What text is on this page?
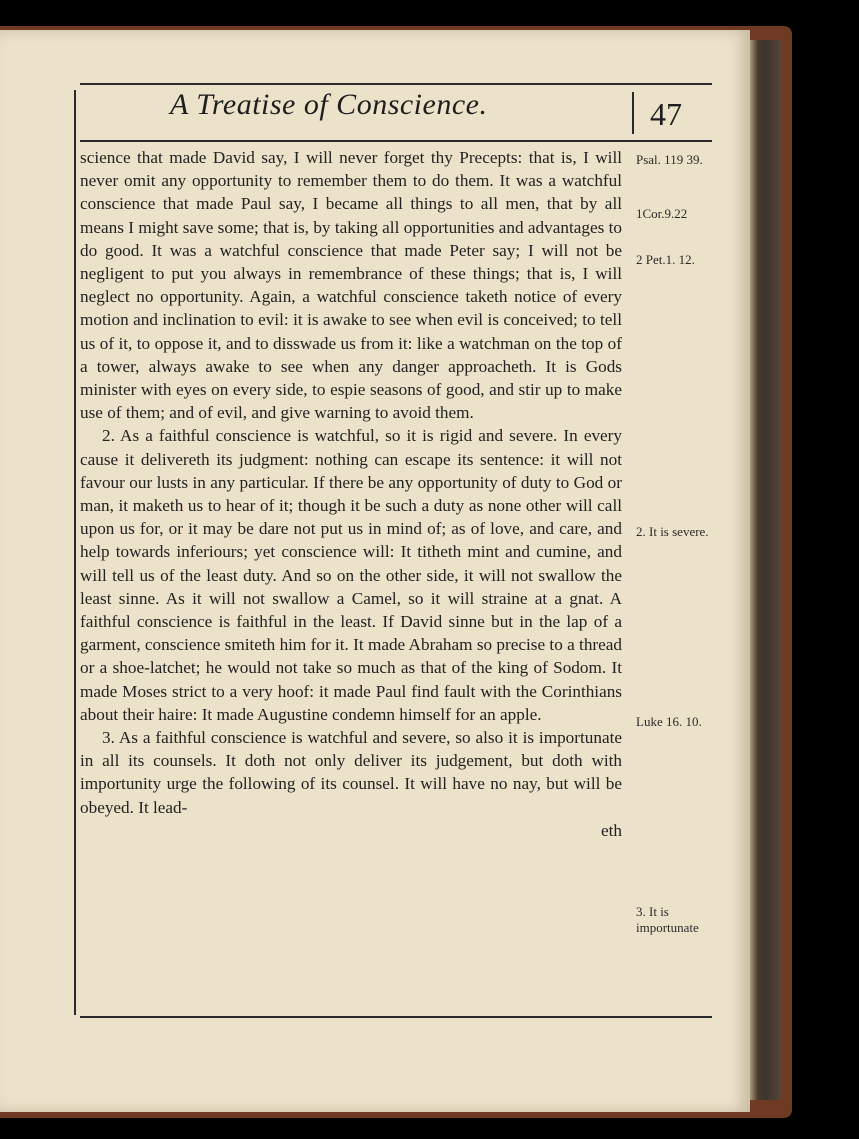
A Treatise of Conscience.	47

science that made David say, I will never forget thy Precepts: that is, I will never omit any opportunity to remember them to do them. It was a watchful conscience that made Paul say, I became all things to all men, that by all means I might save some; that is, by taking all opportunities and advantages to do good. It was a watchful conscience that made Peter say; I will not be negligent to put you always in remembrance of these things; that is, I will neglect no opportunity. Again, a watchful conscience taketh notice of every motion and inclination to evil: it is awake to see when evil is conceived; to tell us of it, to oppose it, and to disswade us from it: like a watchman on the top of a tower, always awake to see when any danger approacheth. It is Gods minister with eyes on every side, to espie seasons of good, and stir up to make use of them; and of evil, and give warning to avoid them.

2. As a faithful conscience is watchful, so it is rigid and severe. In every cause it delivereth its judgment: nothing can escape its sentence: it will not favour our lusts in any particular. If there be any opportunity of duty to God or man, it maketh us to hear of it; though it be such a duty as none other will call upon us for, or it may be dare not put us in mind of; as of love, and care, and help towards inferiours; yet conscience will: It titheth mint and cumine, and will tell us of the least duty. And so on the other side, it will not swallow the least sinne. As it will not swallow a Camel, so it will straine at a gnat. A faithful conscience is faithful in the least. If David sinne but in the lap of a garment, conscience smiteth him for it. It made Abraham so precise to a thread or a shoe-latchet; he would not take so much as that of the king of Sodom. It made Moses strict to a very hoof: it made Paul find fault with the Corinthians about their haire: It made Augustine condemn himself for an apple.

3. As a faithful conscience is watchful and severe, so also it is importunate in all its counsels. It doth not only deliver its judgement, but doth with importunity urge the following of its counsel. It will have no nay, but will be obeyed. It lead-

eth
Psal. 119 39.
1Cor.9.22
2 Pet.1. 12.
2. It is severe.
Luke 16. 10.
3. It is importunate
